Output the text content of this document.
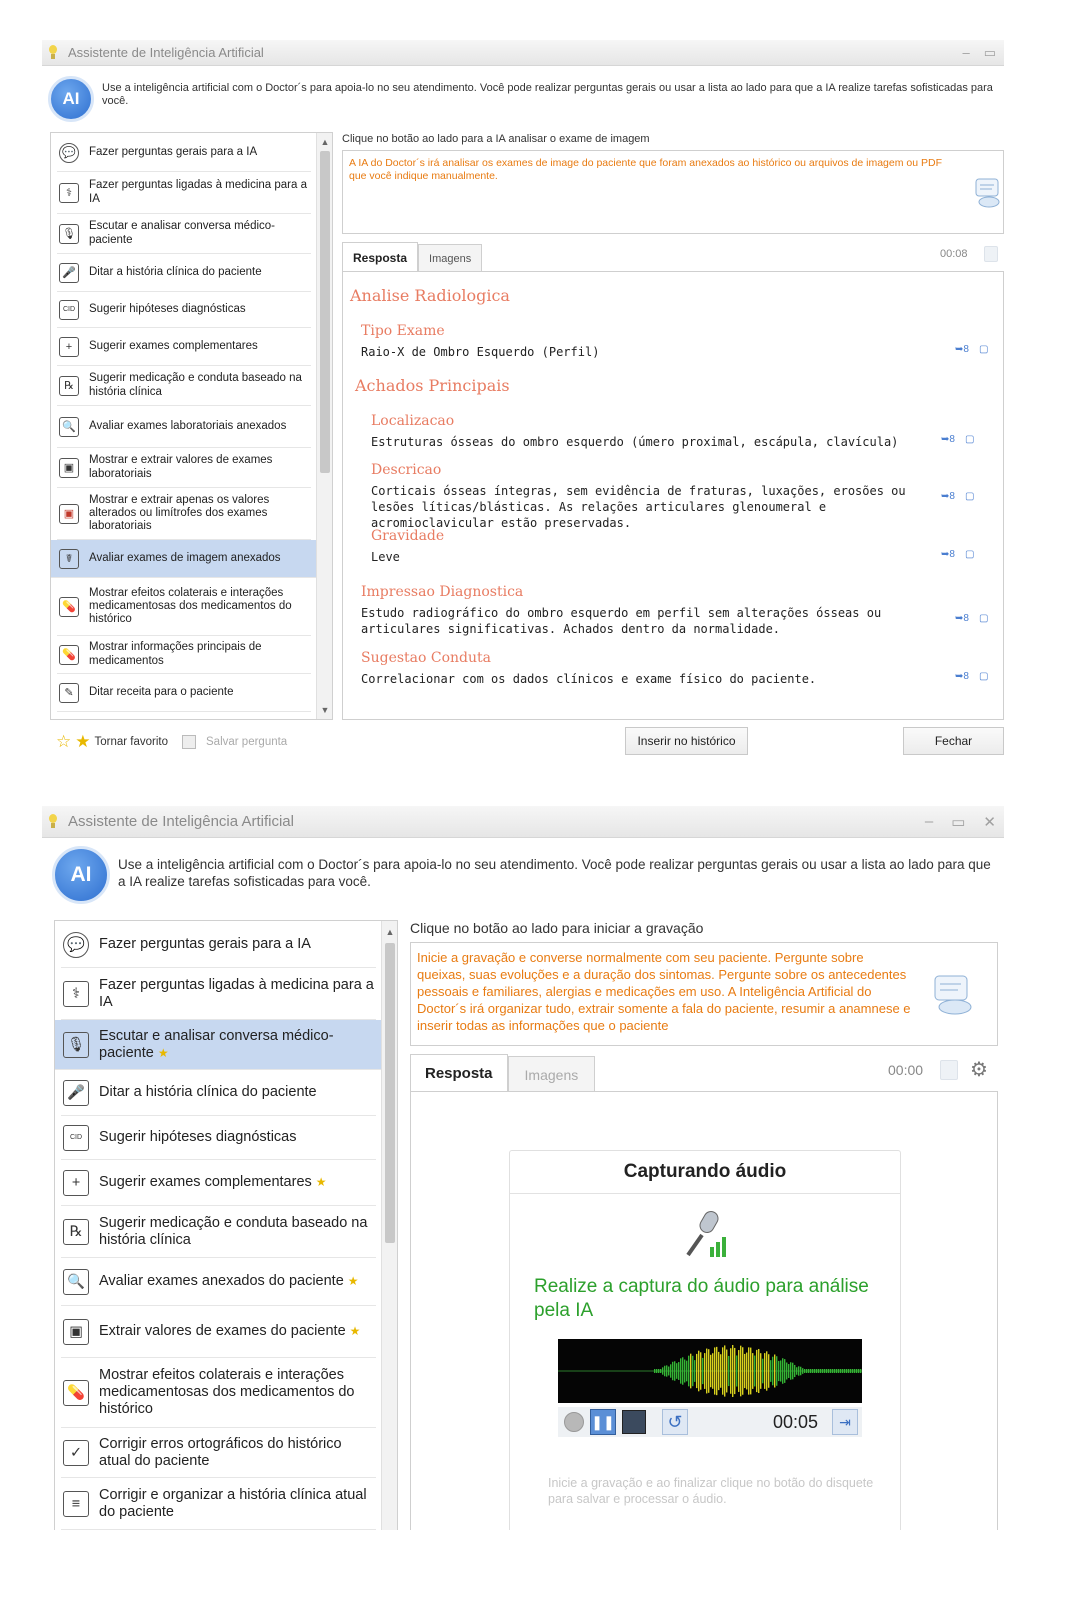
Assistente de Inteligência Artificial	– ▭
AI
Use a inteligência artificial com o Doctor´s para apoia-lo no seu atendimento. Você pode realizar perguntas gerais ou usar a lista ao lado para que a IA realize tarefas sofisticadas para você.
💬 Fazer perguntas gerais para a IA
⚕
Fazer perguntas ligadas à medicina para a IA
🎙
Escutar e analisar conversa médico-paciente
🎤 Ditar a história clínica do paciente
CID	Sugerir hipóteses diagnósticas
+	Sugerir exames complementares
℞
Sugerir medicação e conduta baseado na história clínica
🔍 Avaliar exames laboratoriais anexados
▣
Mostrar e extrair valores de exames laboratoriais
▣
Mostrar e extrair apenas os valores alterados ou limítrofes dos exames laboratoriais
☤	Avaliar exames de imagem anexados
💊
Mostrar efeitos colaterais e interações medicamentosas dos medicamentos do histórico
💊
Mostrar informações principais de medicamentos
✎	Ditar receita para o paciente
▲
▼
Clique no botão ao lado para a IA analisar o exame de imagem
A IA do Doctor´s irá analisar os exames de image do paciente que foram anexados ao histórico ou arquivos de imagem ou PDF que você indique manualmente.
Resposta	Imagens	00:08
Analise Radiologica
Tipo Exame
Raio-X de Ombro Esquerdo (Perfil)	➥8 ▢
Achados Principais
Localizacao
Estruturas ósseas do ombro esquerdo (úmero proximal, escápula, clavícula)	➥8 ▢
Descricao
Corticais ósseas íntegras, sem evidência de fraturas, luxações, erosões ou lesões líticas/blásticas. As relações articulares glenoumeral e acromioclavicular estão preservadas.
➥8 ▢
Gravidade
Leve	➥8 ▢
Impressao Diagnostica
Estudo radiográfico do ombro esquerdo em perfil sem alterações ósseas ou articulares significativas. Achados dentro da normalidade.
➥8 ▢
Sugestao Conduta
Correlacionar com os dados clínicos e exame físico do paciente.	➥8 ▢
☆ ★ Tornar favorito	Salvar pergunta	Inserir no histórico	Fechar
Assistente de Inteligência Artificial	– ▭ ✕
AI	Use a inteligência artificial com o Doctor´s para apoia-lo no seu atendimento. Você pode realizar perguntas gerais ou usar a lista ao lado para que a IA realize tarefas sofisticadas para você.
💬 Fazer perguntas gerais para a IA
⚕
Fazer perguntas ligadas à medicina para a IA
🎙
Escutar e analisar conversa médico-paciente ★
🎤 Ditar a história clínica do paciente
CID	Sugerir hipóteses diagnósticas
+	Sugerir exames complementares ★
℞
Sugerir medicação e conduta baseado na história clínica
🔍 Avaliar exames anexados do paciente ★
▣	Extrair valores de exames do paciente ★
💊
Mostrar efeitos colaterais e interações medicamentosas dos medicamentos do histórico
✓
Corrigir erros ortográficos do histórico atual do paciente
≡
Corrigir e organizar a história clínica atual do paciente
▲ Clique no botão ao lado para iniciar a gravação
Inicie a gravação e converse normalmente com seu paciente. Pergunte sobre queixas, suas evoluções e a duração dos sintomas. Pergunte sobre os antecedentes pessoais e familiares, alergias e medicações em uso. A Inteligência Artificial do Doctor´s irá organizar tudo, extrair somente a fala do paciente, resumir a anamnese e inserir todas as informações que o paciente
Resposta	Imagens	00:00 ⚙
Capturando áudio
Realize a captura do áudio para análise pela IA
❚❚	↺	00:05	⇥
Inicie a gravação e ao finalizar clique no botão do disquete para salvar e processar o áudio.
